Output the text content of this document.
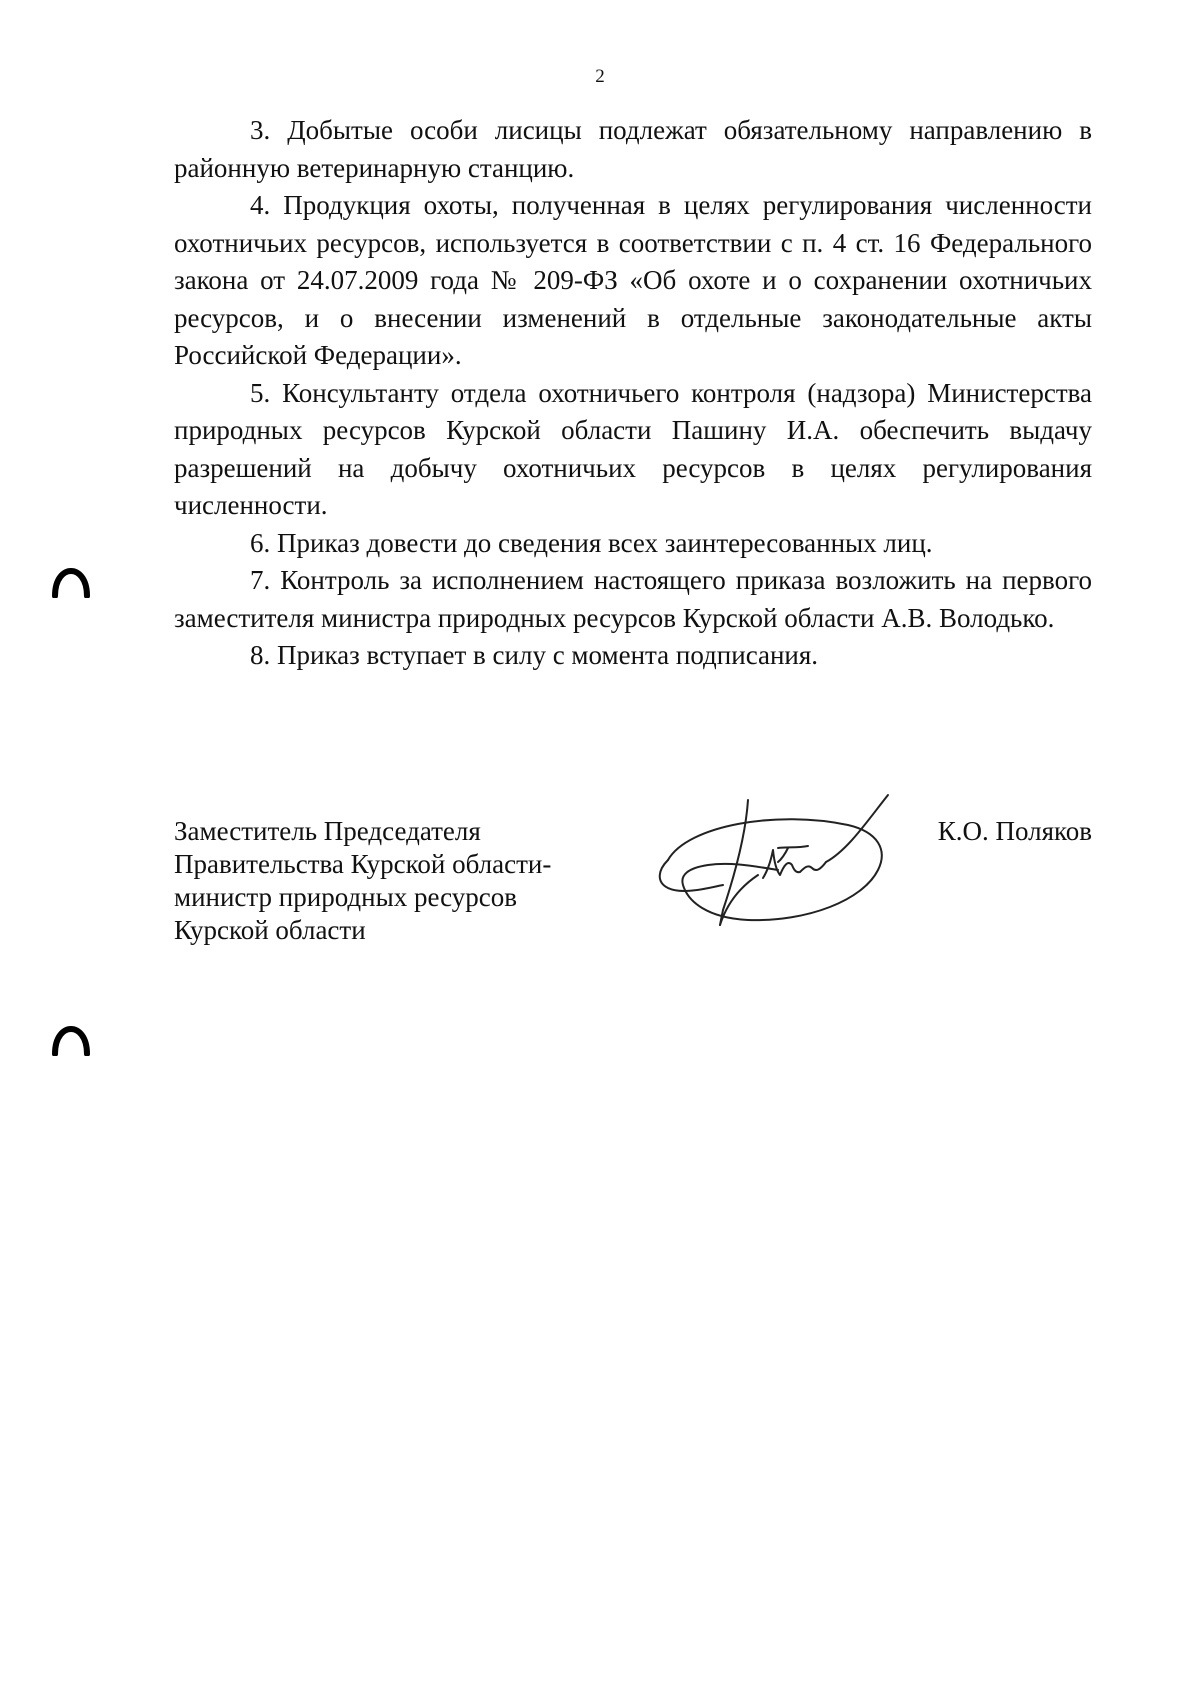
2

3. Добытые особи лисицы подлежат обязательному направлению в районную ветеринарную станцию.

4. Продукция охоты, полученная в целях регулирования численности охотничьих ресурсов, используется в соответствии с п. 4 ст. 16 Федерального закона от 24.07.2009 года № 209-ФЗ «Об охоте и о сохранении охотничьих ресурсов, и о внесении изменений в отдельные законодательные акты Российской Федерации».

5. Консультанту отдела охотничьего контроля (надзора) Министерства природных ресурсов Курской области Пашину И.А. обеспечить выдачу разрешений на добычу охотничьих ресурсов в целях регулирования численности.

6. Приказ довести до сведения всех заинтересованных лиц.

7. Контроль за исполнением настоящего приказа возложить на первого заместителя министра природных ресурсов Курской области А.В. Володько.

8. Приказ вступает в силу с момента подписания.

Заместитель Председателя
Правительства Курской области-
министр природных ресурсов
Курской области
К.О. Поляков
